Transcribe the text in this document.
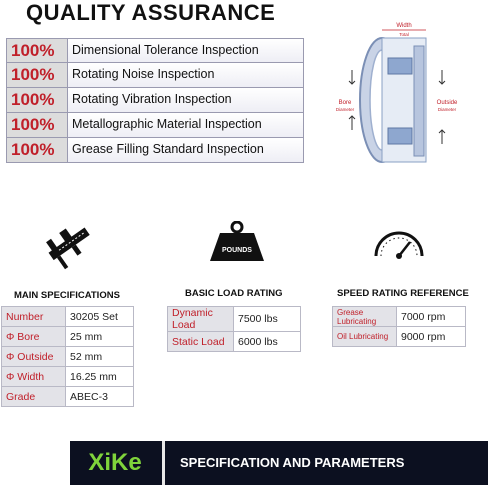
QUALITY ASSURANCE
100%	Dimensional Tolerance Inspection
100%	Rotating Noise Inspection
100%	Rotating Vibration Inspection
100%	Metallographic Material Inspection
100%	Grease Filling Standard Inspection
Width
Total
Bore
Diameter
Outside
Diameter
POUNDS
MAIN SPECIFICATIONS
Number	30205 Set
Φ Bore	25 mm
Φ Outside	52 mm
Φ Width	16.25 mm
Grade	ABEC-3
BASIC LOAD RATING
Dynamic Load	7500 lbs
Static Load	6000 lbs
SPEED RATING REFERENCE
Grease Lubricating	7000 rpm
Oil Lubricating	9000 rpm
XiKe	SPECIFICATION AND PARAMETERS
